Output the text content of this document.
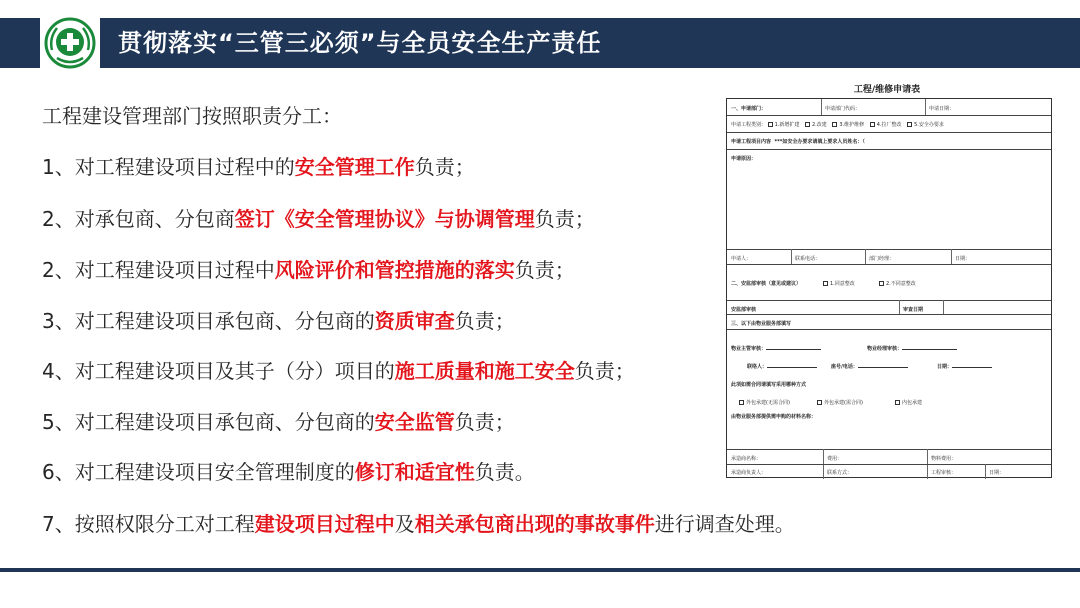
贯彻落实“三管三必须”与全员安全生产责任
工程建设管理部门按照职责分工：
1、对工程建设项目过程中的安全管理工作负责；
2、对承包商、分包商签订《安全管理协议》与协调管理负责；
2、对工程建设项目过程中风险评价和管控措施的落实负责；
3、对工程建设项目承包商、分包商的资质审查负责；
4、对工程建设项目及其子（分）项目的施工质量和施工安全负责；
5、对工程建设项目承包商、分包商的安全监管负责；
6、对工程建设项目安全管理制度的修订和适宜性负责。
7、按照权限分工对工程建设项目过程中及相关承包商出现的事故事件进行调查处理。
工程/维修申请表
一、申请部门：	申请部门代码：	申请日期：
申请工程类别： 1.新增扩建	2.改建	3.维护维修	4.拉厂整改	5.安全办要求
申请工程项目内容 ***如安全办要求请填上要求人员姓名：（
申请原因：
申请人：	联系电话：	部门经理：	日期：
二、安监部审核（意见或建议）	1.同意整改	2.不同意整改
安监部审核	审查日期
三、以下由物业服务部填写
物业主管审核：	物业经理审核：
联络人：	座号/电话：	日期：
此项如需合同请填写采用哪种方式
外包承建(无需合同)	外包承建(需合同)	内包承建
由物业服务部提供需申购的材料名称：
承造商名称：	费用：	物料费用：
承造商负责人：	联系方式：	工程审核：	日期：
